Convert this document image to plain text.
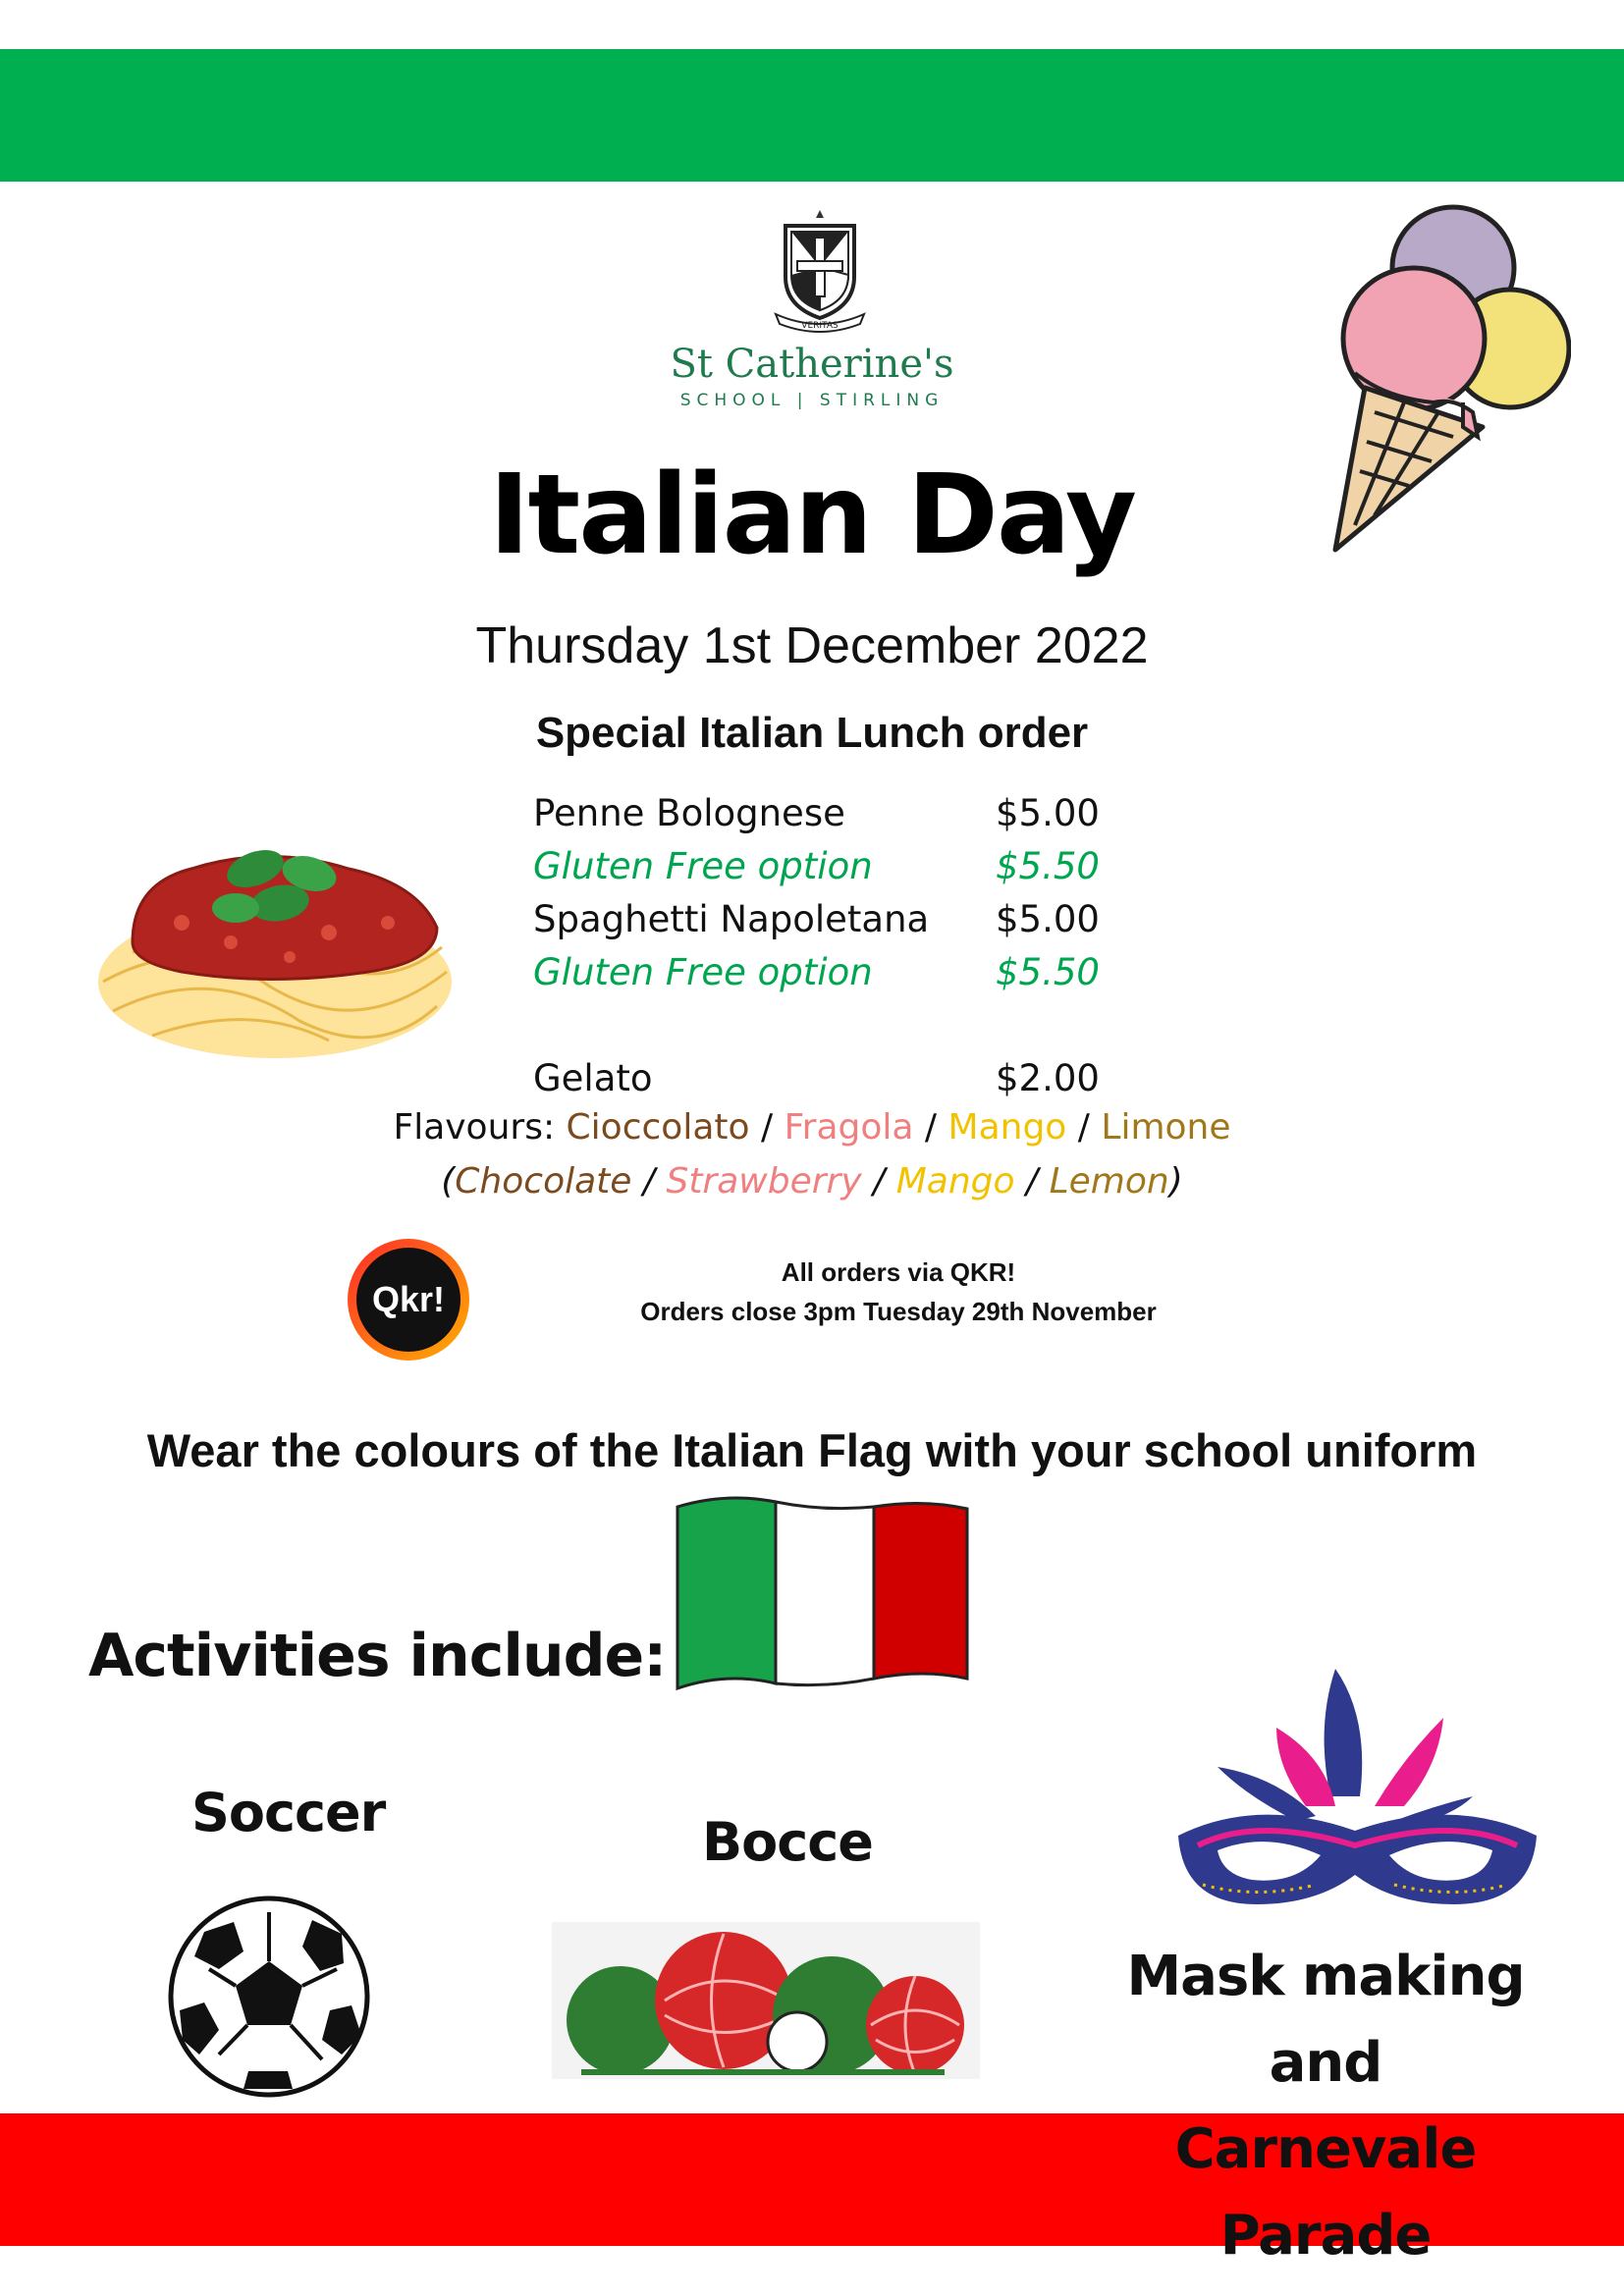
VERITAS
St Catherine's
SCHOOL | STIRLING
Italian Day
Thursday 1st December 2022
Special Italian Lunch order
Penne Bolognese	$5.00
Gluten Free option	$5.50
Spaghetti Napoletana $5.00
Gluten Free option	$5.50
Gelato	$2.00
Flavours: Cioccolato / Fragola / Mango / Limone
(Chocolate / Strawberry / Mango / Lemon)
Qkr!
All orders via QKR!
Orders close 3pm Tuesday 29th November
Wear the colours of the Italian Flag with your school uniform
Activities include:
Soccer	Bocce
Mask making and
Carnevale Parade
